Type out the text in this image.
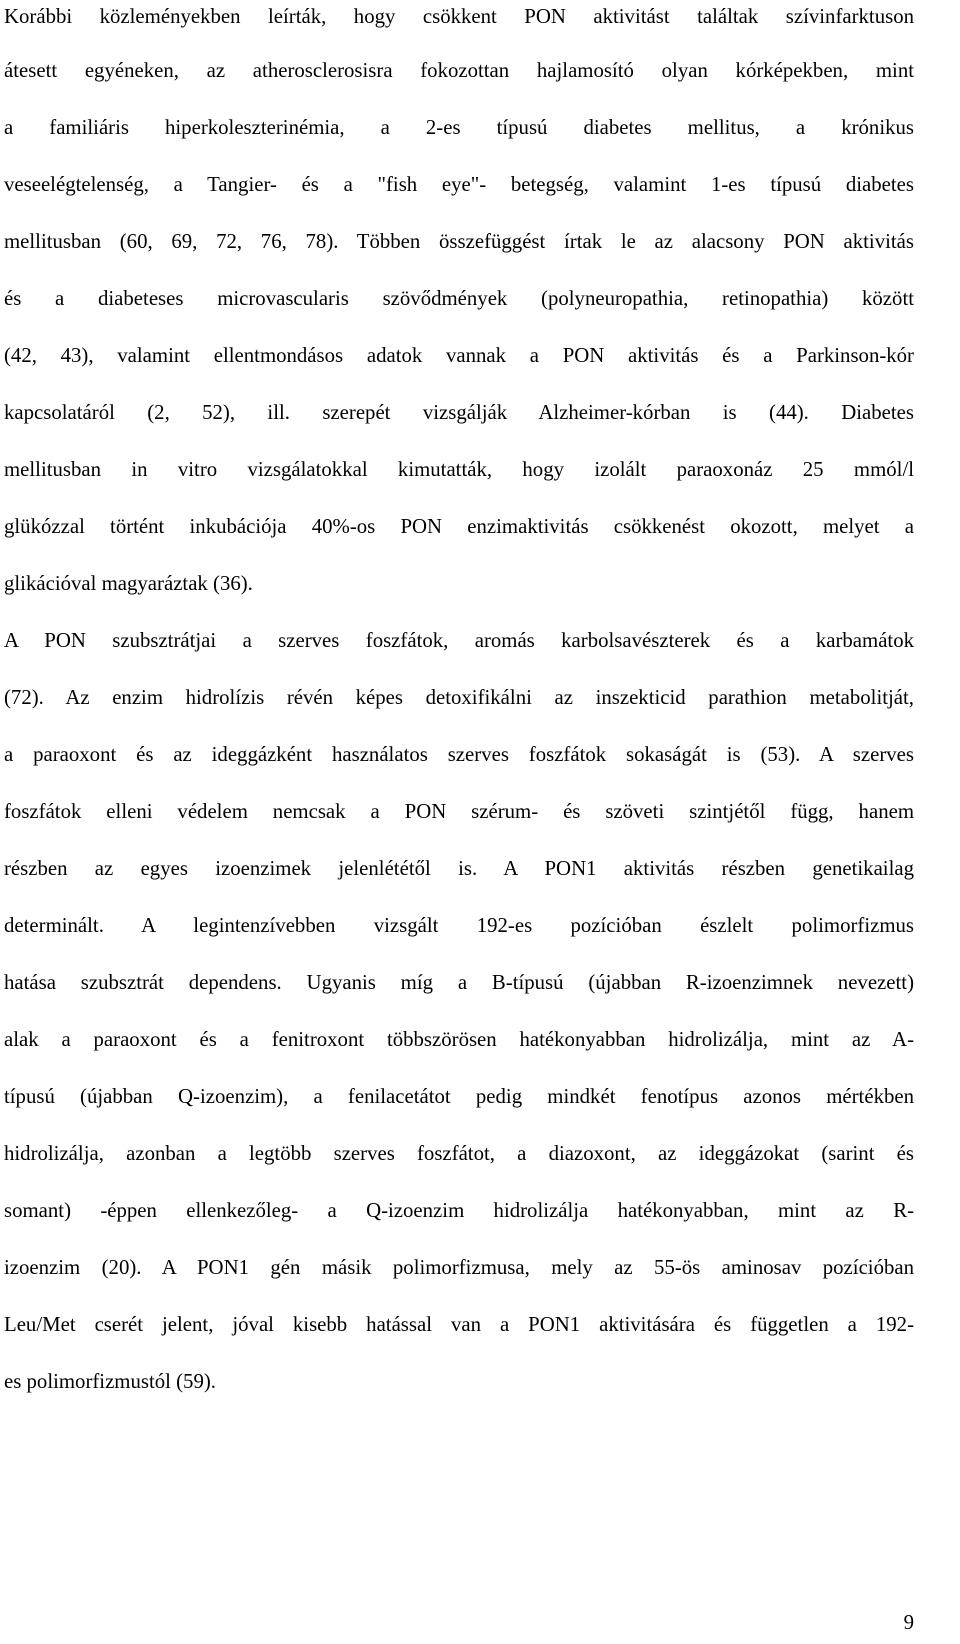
Korábbi közleményekben leírták, hogy csökkent PON aktivitást találtak szívinfarktuson
átesett egyéneken, az atherosclerosisra fokozottan hajlamosító olyan kórképekben, mint
a familiáris hiperkoleszterinémia, a 2-es típusú diabetes mellitus, a krónikus
veseelégtelenség, a Tangier- és a "fish eye"- betegség, valamint 1-es típusú diabetes
mellitusban (60, 69, 72, 76, 78). Többen összefüggést írtak le az alacsony PON aktivitás
és a diabeteses microvascularis szövődmények (polyneuropathia, retinopathia) között
(42, 43), valamint ellentmondásos adatok vannak a PON aktivitás és a Parkinson-kór
kapcsolatáról (2, 52), ill. szerepét vizsgálják Alzheimer-kórban is (44). Diabetes
mellitusban in vitro vizsgálatokkal kimutatták, hogy izolált paraoxonáz 25 mmól/l
glükózzal történt inkubációja 40%-os PON enzimaktivitás csökkenést okozott, melyet a
glikációval magyaráztak (36).
A PON szubsztrátjai a szerves foszfátok, aromás karbolsavészterek és a karbamátok
(72). Az enzim hidrolízis révén képes detoxifikálni az inszekticid parathion metabolitját,
a paraoxont és az ideggázként használatos szerves foszfátok sokaságát is (53). A szerves
foszfátok elleni védelem nemcsak a PON szérum- és szöveti szintjétől függ, hanem
részben az egyes izoenzimek jelenlététől is. A PON1 aktivitás részben genetikailag
determinált. A legintenzívebben vizsgált 192-es pozícióban észlelt polimorfizmus
hatása szubsztrát dependens. Ugyanis míg a B-típusú (újabban R-izoenzimnek nevezett)
alak a paraoxont és a fenitroxont többszörösen hatékonyabban hidrolizálja, mint az A-
típusú (újabban Q-izoenzim), a fenilacetátot pedig mindkét fenotípus azonos mértékben
hidrolizálja, azonban a legtöbb szerves foszfátot, a diazoxont, az ideggázokat (sarint és
somant) -éppen ellenkezőleg- a Q-izoenzim hidrolizálja hatékonyabban, mint az R-
izoenzim (20). A PON1 gén másik polimorfizmusa, mely az 55-ös aminosav pozícióban
Leu/Met cserét jelent, jóval kisebb hatással van a PON1 aktivitására és független a 192-
es polimorfizmustól (59).
9
